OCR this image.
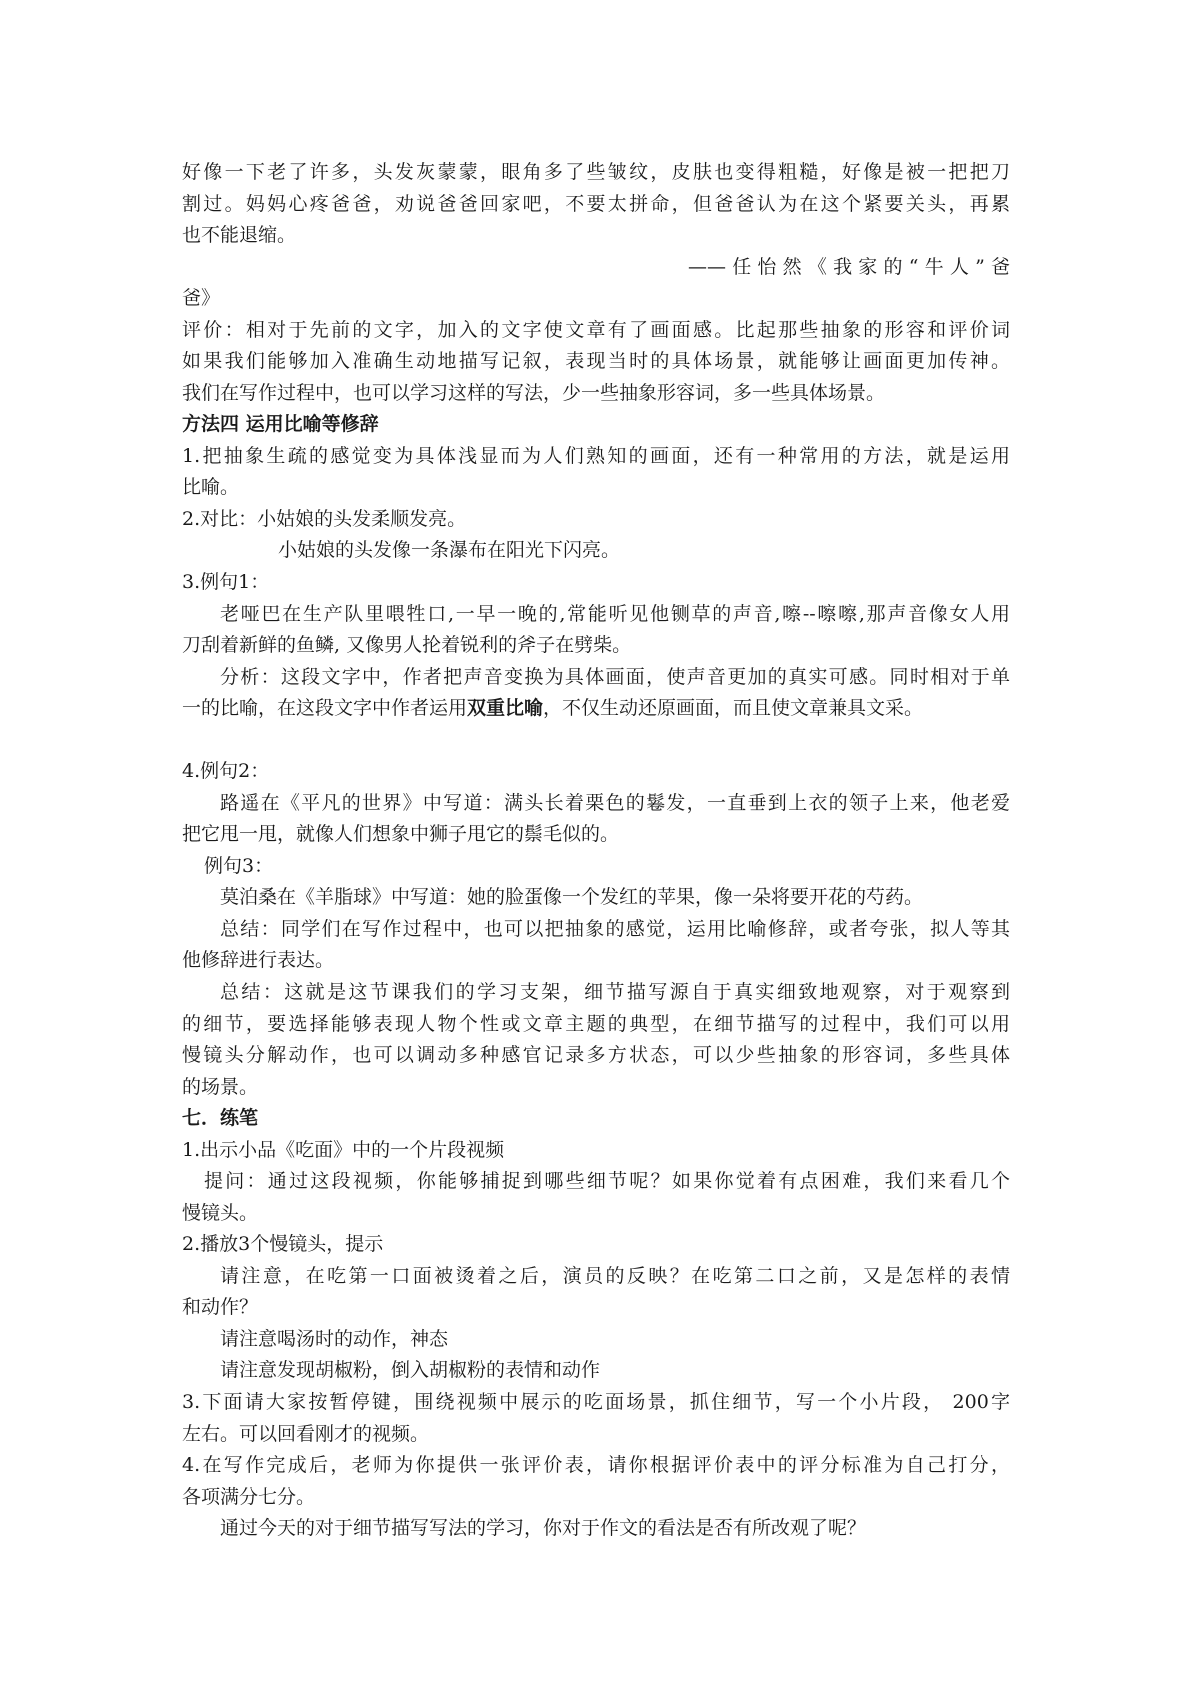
好像一下老了许多，头发灰蒙蒙，眼角多了些皱纹，皮肤也变得粗糙，好像是被一把把刀
割过。妈妈心疼爸爸，劝说爸爸回家吧，不要太拼命，但爸爸认为在这个紧要关头，再累
也不能退缩。
——任怡然《我家的“牛人”爸
爸》
评价：相对于先前的文字，加入的文字使文章有了画面感。比起那些抽象的形容和评价词
如果我们能够加入准确生动地描写记叙，表现当时的具体场景，就能够让画面更加传神。
我们在写作过程中，也可以学习这样的写法，少一些抽象形容词，多一些具体场景。
方法四 运用比喻等修辞
1.把抽象生疏的感觉变为具体浅显而为人们熟知的画面，还有一种常用的方法，就是运用
比喻。
2.对比：小姑娘的头发柔顺发亮。
小姑娘的头发像一条瀑布在阳光下闪亮。
3.例句1：
老哑巴在生产队里喂牲口,一早一晚的,常能听见他铡草的声音,嚓--嚓嚓,那声音像女人用
刀刮着新鲜的鱼鳞, 又像男人抡着锐利的斧子在劈柴。
分析：这段文字中，作者把声音变换为具体画面，使声音更加的真实可感。同时相对于单
一的比喻，在这段文字中作者运用双重比喻，不仅生动还原画面，而且使文章兼具文采。
4.例句2：
路遥在《平凡的世界》中写道：满头长着栗色的鬈发，一直垂到上衣的领子上来，他老爱
把它甩一甩，就像人们想象中狮子甩它的鬃毛似的。
例句3：
莫泊桑在《羊脂球》中写道：她的脸蛋像一个发红的苹果，像一朵将要开花的芍药。
总结：同学们在写作过程中，也可以把抽象的感觉，运用比喻修辞，或者夸张，拟人等其
他修辞进行表达。
总结：这就是这节课我们的学习支架，细节描写源自于真实细致地观察，对于观察到
的细节，要选择能够表现人物个性或文章主题的典型，在细节描写的过程中，我们可以用
慢镜头分解动作，也可以调动多种感官记录多方状态，可以少些抽象的形容词，多些具体
的场景。
七．练笔
1.出示小品《吃面》中的一个片段视频
提问：通过这段视频，你能够捕捉到哪些细节呢？如果你觉着有点困难，我们来看几个
慢镜头。
2.播放3个慢镜头，提示
请注意，在吃第一口面被烫着之后，演员的反映？在吃第二口之前，又是怎样的表情
和动作？
请注意喝汤时的动作，神态
请注意发现胡椒粉，倒入胡椒粉的表情和动作
3.下面请大家按暂停键，围绕视频中展示的吃面场景，抓住细节，写一个小片段， 200字
左右。可以回看刚才的视频。
4.在写作完成后，老师为你提供一张评价表，请你根据评价表中的评分标准为自己打分，
各项满分七分。
通过今天的对于细节描写写法的学习，你对于作文的看法是否有所改观了呢？
